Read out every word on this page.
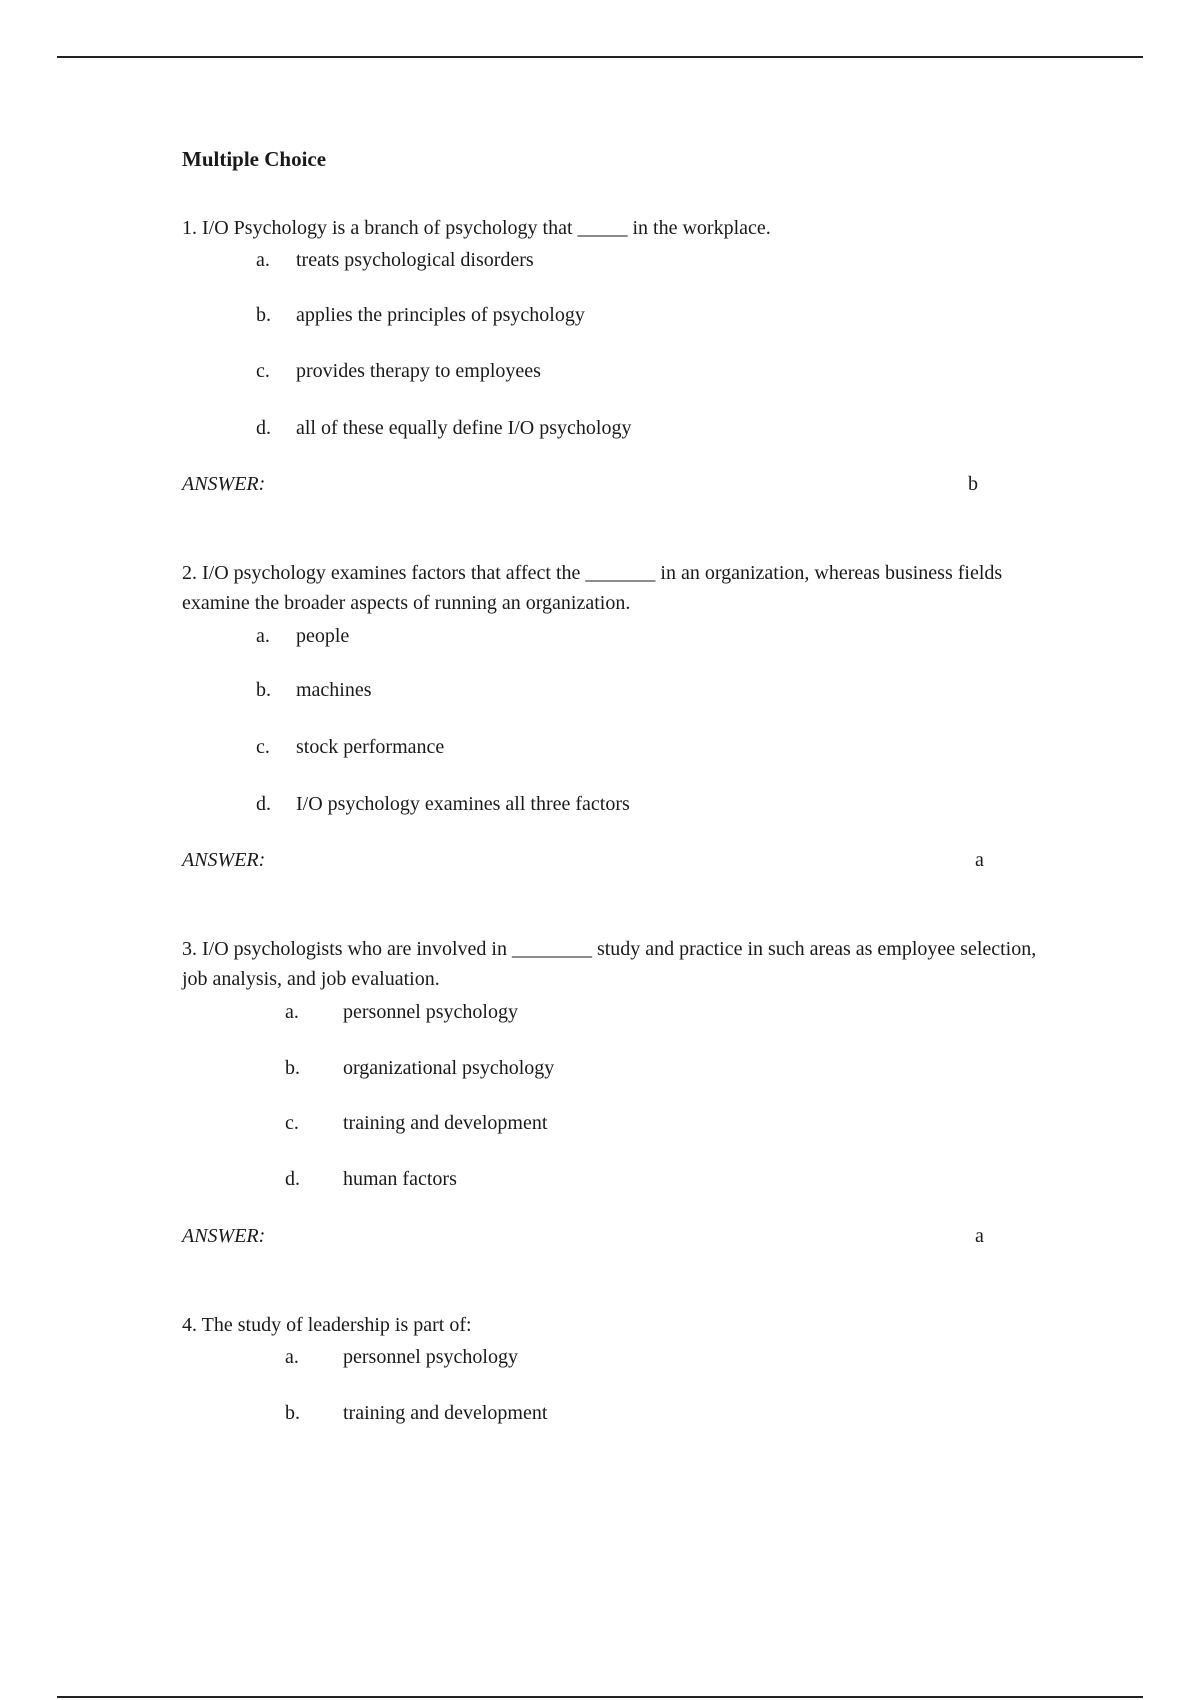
Multiple Choice
1. I/O Psychology is a branch of psychology that _____ in the workplace.
a. treats psychological disorders
b. applies the principles of psychology
c. provides therapy to employees
d. all of these equally define I/O psychology
ANSWER:	b
2. I/O psychology examines factors that affect the _______ in an organization, whereas business fields examine the broader aspects of running an organization.
a. people
b. machines
c. stock performance
d. I/O psychology examines all three factors
ANSWER:	a
3. I/O psychologists who are involved in ________ study and practice in such areas as employee selection, job analysis, and job evaluation.
a. personnel psychology
b. organizational psychology
c. training and development
d. human factors
ANSWER:	a
4. The study of leadership is part of:
a. personnel psychology
b. training and development
